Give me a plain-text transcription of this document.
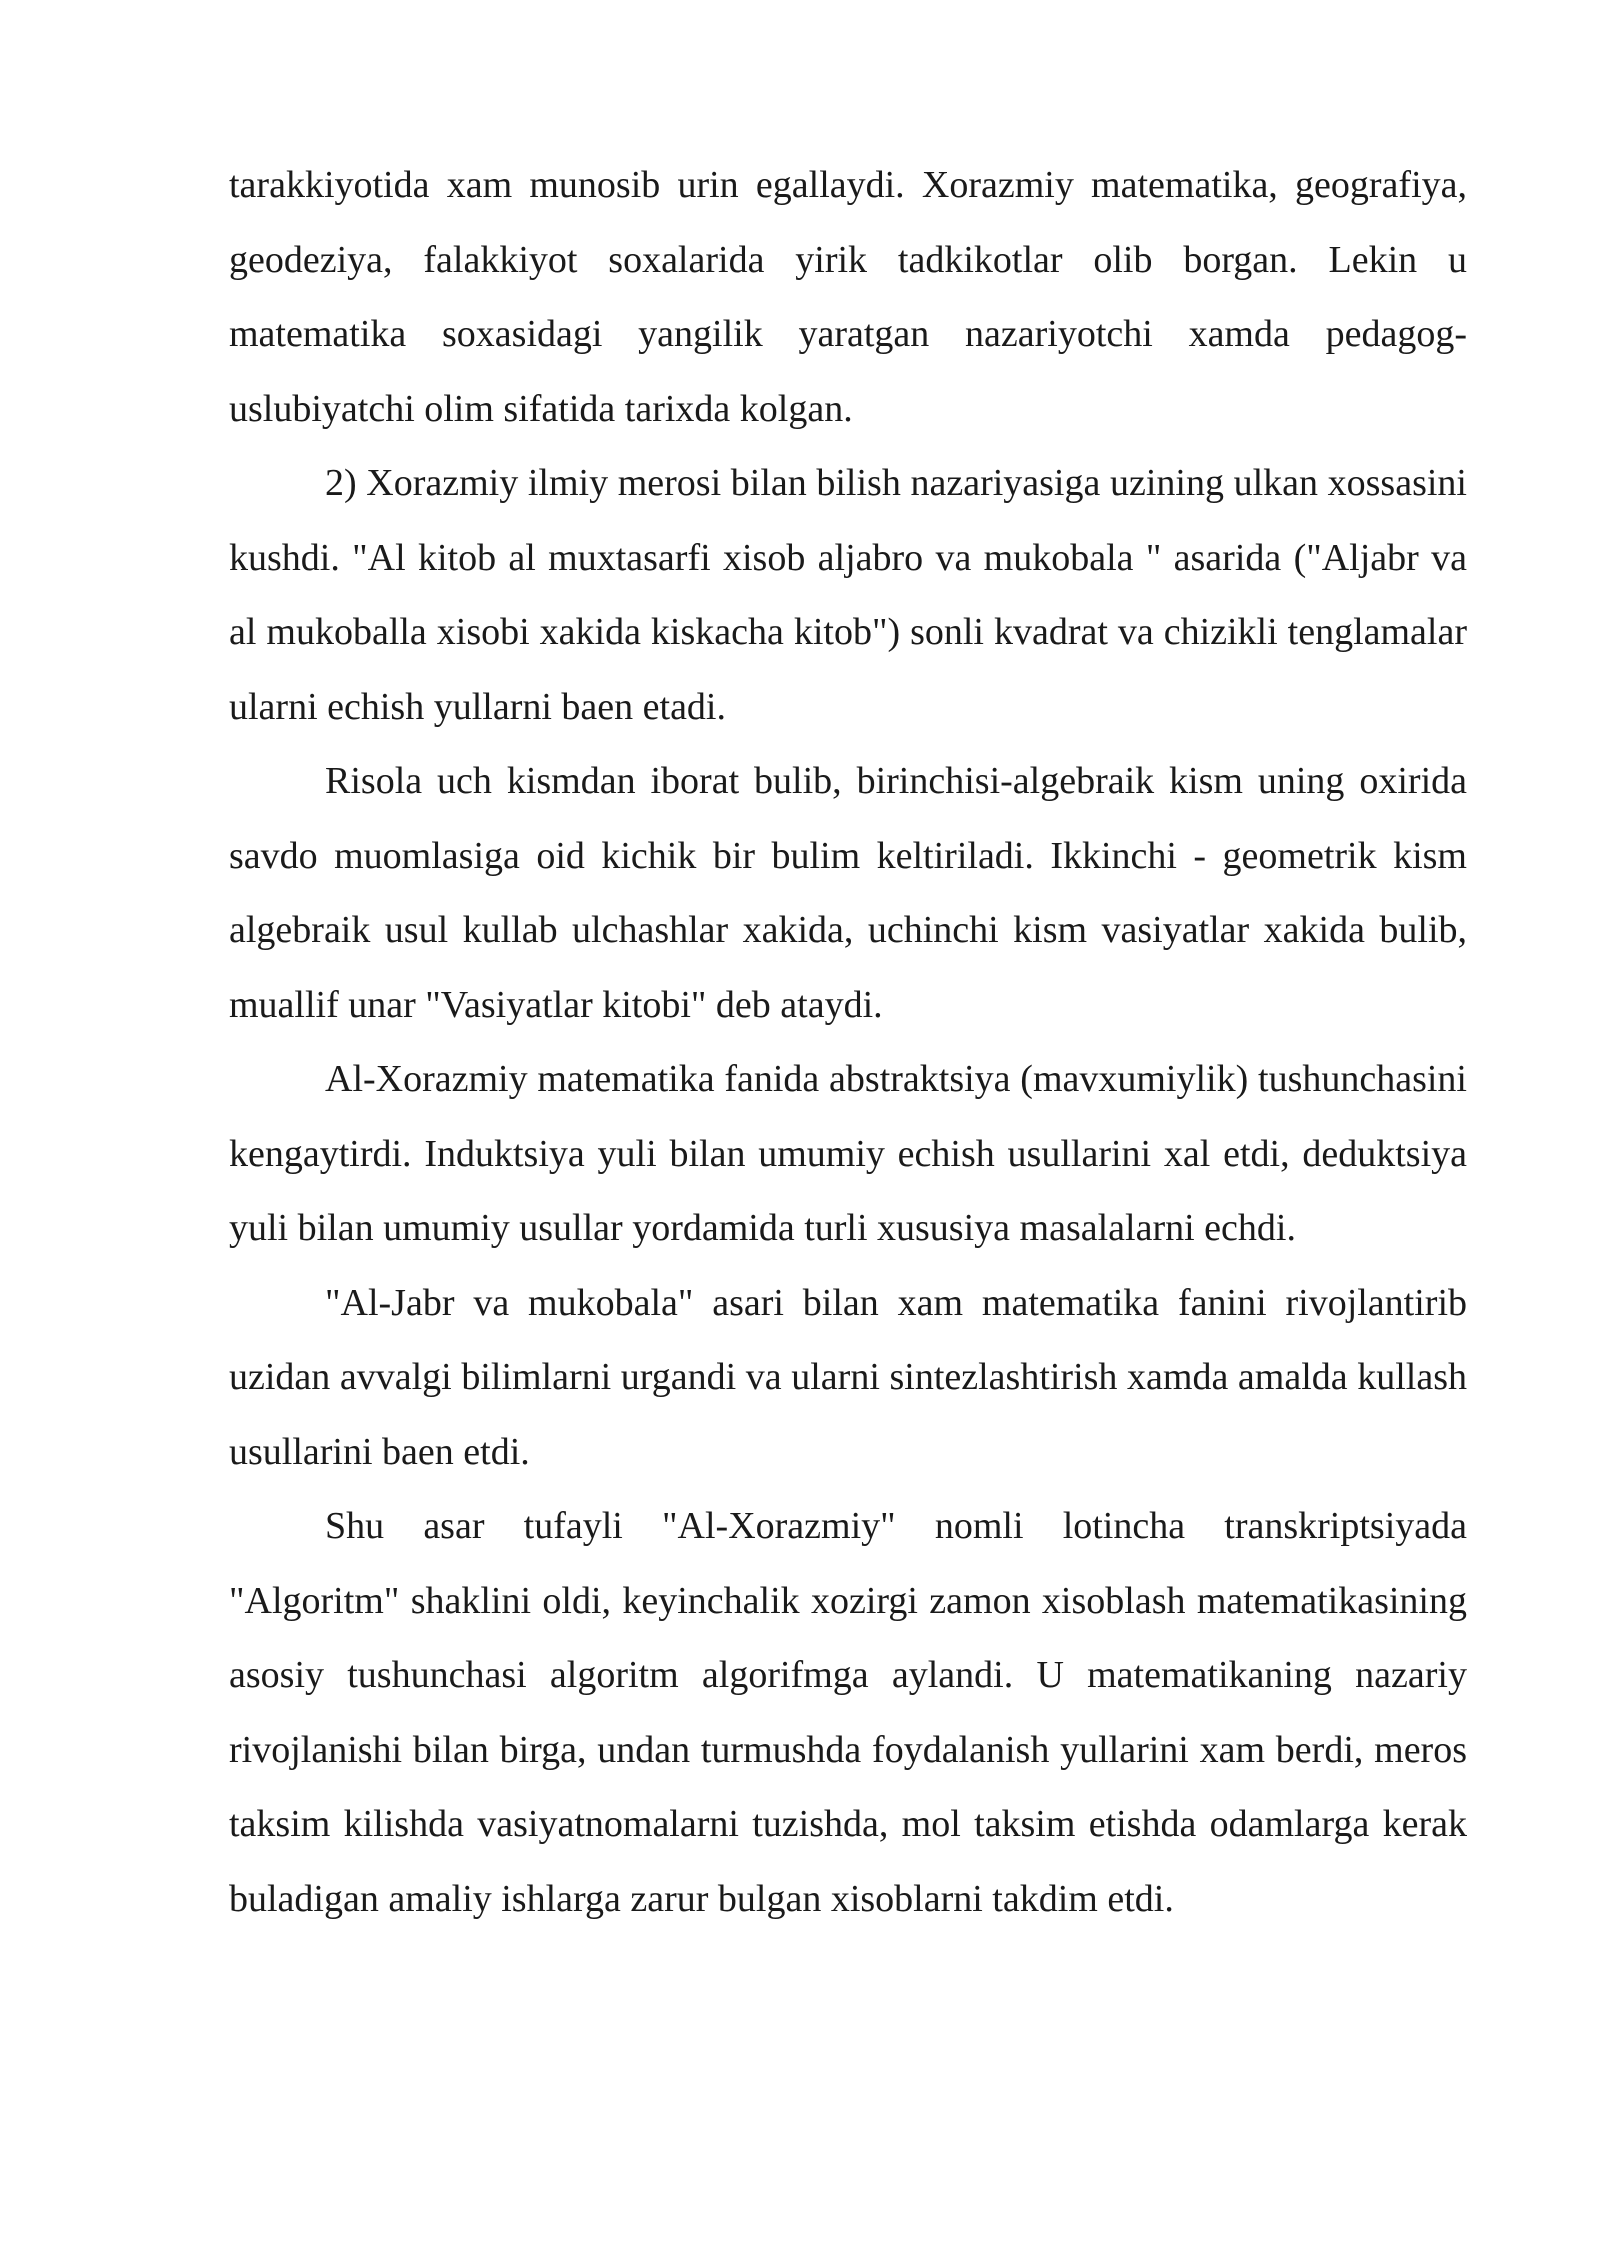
tarakkiyotida xam munosib urin egallaydi. Xorazmiy matematika, geografiya, geodeziya, falakkiyot soxalarida yirik tadkikotlar olib borgan. Lekin u matematika soxasidagi yangilik yaratgan nazariyotchi xamda pedagog-uslubiyatchi olim sifatida tarixda kolgan.

2) Xorazmiy ilmiy merosi bilan bilish nazariyasiga uzining ulkan xossasini kushdi. "Al kitob al muxtasarfi xisob aljabro va mukobala " asarida ("Aljabr va al mukoballa xisobi xakida kiskacha kitob") sonli kvadrat va chizikli tenglamalar ularni echish yullarni baen etadi.

Risola uch kismdan iborat bulib, birinchisi-algebraik kism uning oxirida savdo muomlasiga oid kichik bir bulim keltiriladi. Ikkinchi - geometrik kism algebraik usul kullab ulchashlar xakida, uchinchi kism vasiyatlar xakida bulib, muallif unar "Vasiyatlar kitobi" deb ataydi.

Al-Xorazmiy matematika fanida abstraktsiya (mavxumiylik) tushunchasini kengaytirdi. Induktsiya yuli bilan umumiy echish usullarini xal etdi, deduktsiya yuli bilan umumiy usullar yordamida turli xususiya masalalarni echdi.

"Al-Jabr va mukobala" asari bilan xam matematika fanini rivojlantirib uzidan avvalgi bilimlarni urgandi va ularni sintezlashtirish xamda amalda kullash usullarini baen etdi.

Shu asar tufayli "Al-Xorazmiy" nomli lotincha transkriptsiyada "Algoritm" shaklini oldi, keyinchalik xozirgi zamon xisoblash matematikasining asosiy tushunchasi algoritm algorifmga aylandi. U matematikaning nazariy rivojlanishi bilan birga, undan turmushda foydalanish yullarini xam berdi, meros taksim kilishda vasiyatnomalarni tuzishda, mol taksim etishda odamlarga kerak buladigan amaliy ishlarga zarur bulgan xisoblarni takdim etdi.
